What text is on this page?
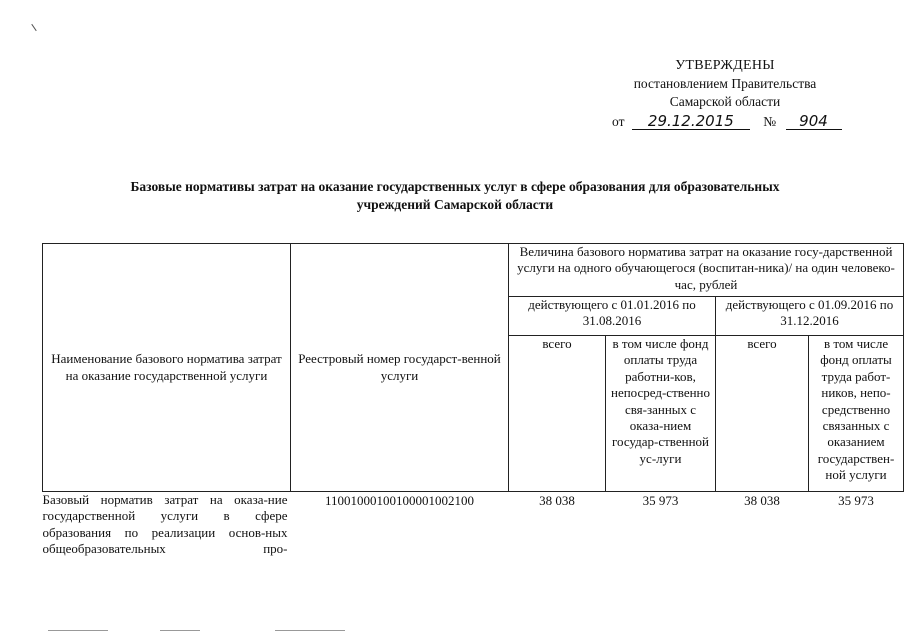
УТВЕРЖДЕНЫ
постановлением Правительства
Самарской области
от 29.12.2015 № 904
Базовые нормативы затрат на оказание государственных услуг в сфере образования для образовательных
учреждений Самарской области
Наименование базового норматива затрат на оказание государственной услуги	Реестровый номер государст-венной услуги	Величина базового норматива затрат на оказание госу-дарственной услуги на одного обучающегося (воспитан-ника)/ на один человеко-час, рублей			
		действующего с 01.01.2016 по 31.08.2016		действующего с 01.09.2016 по 31.12.2016	
		всего	в том числе фонд оплаты труда работни-ков, непосред-ственно свя-занных с оказа-нием государ-ственной ус-луги	всего	в том числе фонд оплаты труда работ-ников, непо-средственно связанных с оказанием государствен-ной услуги
Базовый норматив затрат на оказа-ние государственной услуги в сфере образования по реализации основ-ных общеобразовательных про-	11001000100100001002100	38 038	35 973	38 038	35 973
